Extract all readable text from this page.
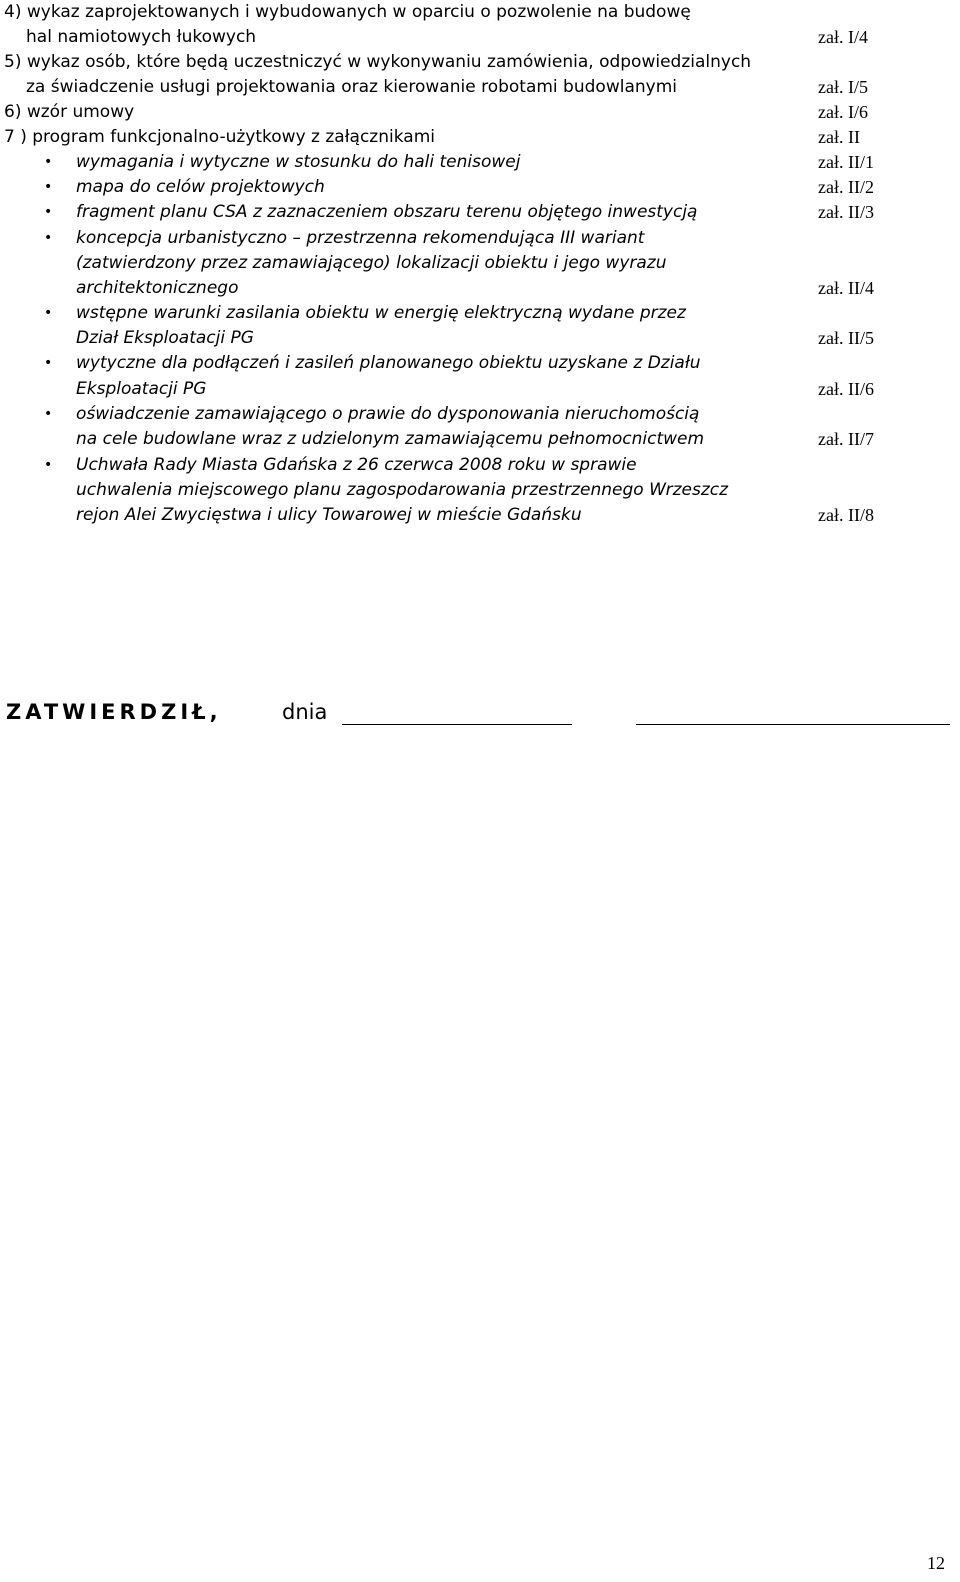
4) wykaz zaprojektowanych i wybudowanych w oparciu o pozwolenie na budowę
hal namiotowych łukowych	zał. I/4
5) wykaz osób, które będą uczestniczyć w wykonywaniu zamówienia, odpowiedzialnych
za świadczenie usługi projektowania oraz kierowanie robotami budowlanymi	zał. I/5
6) wzór umowy	zał. I/6
7 ) program funkcjonalno-użytkowy z załącznikami	zał. II
• wymagania i wytyczne w stosunku do hali tenisowej	zał. II/1
• mapa do celów projektowych	zał. II/2
• fragment planu CSA z zaznaczeniem obszaru terenu objętego inwestycją	zał. II/3
• koncepcja urbanistyczno – przestrzenna rekomendująca III wariant
(zatwierdzony przez zamawiającego) lokalizacji obiektu i jego wyrazu
architektonicznego	zał. II/4
• wstępne warunki zasilania obiektu w energię elektryczną wydane przez
Dział Eksploatacji PG	zał. II/5
• wytyczne dla podłączeń i zasileń planowanego obiektu uzyskane z Działu
Eksploatacji PG	zał. II/6
• oświadczenie zamawiającego o prawie do dysponowania nieruchomością
na cele budowlane wraz z udzielonym zamawiającemu pełnomocnictwem	zał. II/7
• Uchwała Rady Miasta Gdańska z 26 czerwca 2008 roku w sprawie
uchwalenia miejscowego planu zagospodarowania przestrzennego Wrzeszcz
rejon Alei Zwycięstwa i ulicy Towarowej w mieście Gdańsku	zał. II/8
ZATWIERDZIŁ,	dnia
12
